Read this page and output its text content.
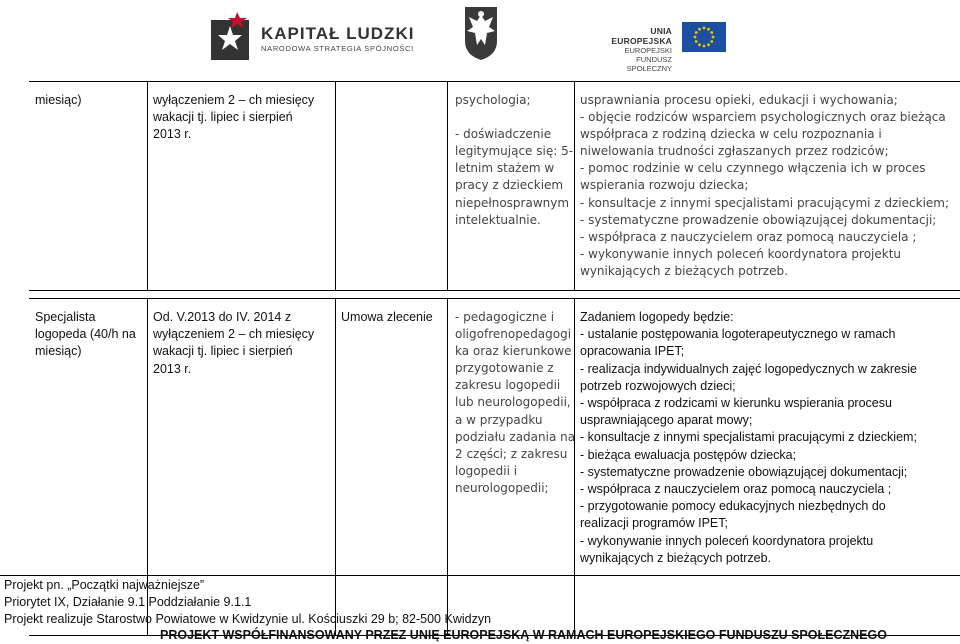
KAPITAŁ LUDZKI
NARODOWA STRATEGIA SPÓJNOŚCI
UNIA EUROPEJSKA
EUROPEJSKI
FUNDUSZ SPOŁECZNY
miesiąc)	wyłączeniem 2 – ch miesięcy
wakacji tj. lipiec i sierpień
2013 r.
psychologia;

- doświadczenie
legitymujące się: 5-
letnim stażem w
pracy z dzieckiem
niepełnosprawnym
intelektualnie.
usprawniania procesu opieki, edukacji i wychowania;
- objęcie rodziców wsparciem psychologicznych oraz bieżąca
współpraca z rodziną dziecka w celu rozpoznania i
niwelowania trudności zgłaszanych przez rodziców;
- pomoc rodzinie w celu czynnego włączenia ich w proces
wspierania rozwoju dziecka;
- konsultacje z innymi specjalistami pracującymi z dzieckiem;
- systematyczne prowadzenie obowiązującej dokumentacji;
- współpraca z nauczycielem oraz pomocą nauczyciela ;
- wykonywanie innych poleceń koordynatora projektu
wynikających z bieżących potrzeb.
Specjalista
logopeda (40/h na
miesiąc)
Od. V.2013 do IV. 2014 z
wyłączeniem 2 – ch miesięcy
wakacji tj. lipiec i sierpień
2013 r.
Umowa zlecenie	- pedagogiczne i
oligofrenopedagogi
ka oraz kierunkowe
przygotowanie z
zakresu logopedii
lub neurologopedii,
a w przypadku
podziału zadania na
2 części; z zakresu
logopedii i
neurologopedii;
Zadaniem logopedy będzie:
- ustalanie postępowania logoterapeutycznego w ramach
opracowania IPET;
- realizacja indywidualnych zajęć logopedycznych w zakresie
potrzeb rozwojowych dzieci;
- współpraca z rodzicami w kierunku wspierania procesu
usprawniającego aparat mowy;
- konsultacje z innymi specjalistami pracującymi z dzieckiem;
- bieżąca ewaluacja postępów dziecka;
- systematyczne prowadzenie obowiązującej dokumentacji;
- współpraca z nauczycielem oraz pomocą nauczyciela ;
- przygotowanie pomocy edukacyjnych niezbędnych do
realizacji programów IPET;
- wykonywanie innych poleceń koordynatora projektu
wynikających z bieżących potrzeb.
Projekt pn. „Początki najważniejsze”
Priorytet IX, Działanie 9.1 Poddziałanie 9.1.1
Projekt realizuje Starostwo Powiatowe w Kwidzynie ul. Kościuszki 29 b; 82-500 Kwidzyn
PROJEKT WSPÓŁFINANSOWANY PRZEZ UNIĘ EUROPEJSKĄ W RAMACH EUROPEJSKIEGO FUNDUSZU SPOŁECZNEGO
